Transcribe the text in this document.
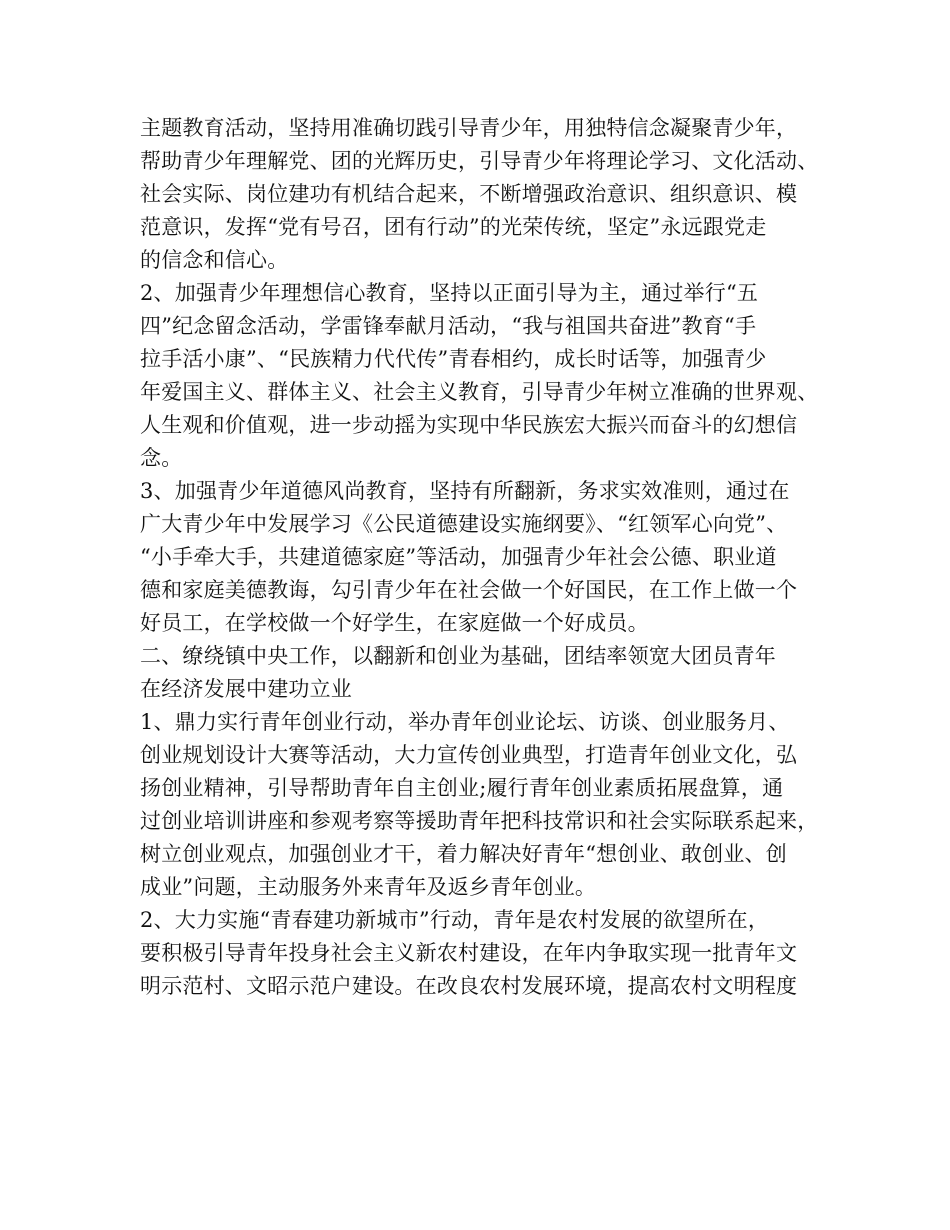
主题教育活动，坚持用准确切践引导青少年，用独特信念凝聚青少年，
帮助青少年理解党、团的光辉历史，引导青少年将理论学习、文化活动、
社会实际、岗位建功有机结合起来，不断增强政治意识、组织意识、模
范意识，发挥“党有号召，团有行动”的光荣传统，坚定”永远跟党走
的信念和信心。
2、加强青少年理想信心教育，坚持以正面引导为主，通过举行“五
四”纪念留念活动，学雷锋奉献月活动，“我与祖国共奋进”教育“手
拉手活小康”、“民族精力代代传”青春相约，成长时话等，加强青少
年爱国主义、群体主义、社会主义教育，引导青少年树立准确的世界观、
人生观和价值观，进一步动摇为实现中华民族宏大振兴而奋斗的幻想信
念。
3、加强青少年道德风尚教育，坚持有所翻新，务求实效准则，通过在
广大青少年中发展学习《公民道德建设实施纲要》、“红领军心向党”、
“小手牵大手，共建道德家庭”等活动，加强青少年社会公德、职业道
德和家庭美德教诲，勾引青少年在社会做一个好国民，在工作上做一个
好员工，在学校做一个好学生，在家庭做一个好成员。
二、缭绕镇中央工作，以翻新和创业为基础，团结率领宽大团员青年
在经济发展中建功立业
1、鼎力实行青年创业行动，举办青年创业论坛、访谈、创业服务月、
创业规划设计大赛等活动，大力宣传创业典型，打造青年创业文化，弘
扬创业精神，引导帮助青年自主创业;履行青年创业素质拓展盘算，通
过创业培训讲座和参观考察等援助青年把科技常识和社会实际联系起来，
树立创业观点，加强创业才干，着力解决好青年“想创业、敢创业、创
成业”问题，主动服务外来青年及返乡青年创业。
2、大力实施“青春建功新城市”行动，青年是农村发展的欲望所在，
要积极引导青年投身社会主义新农村建设，在年内争取实现一批青年文
明示范村、文昭示范户建设。在改良农村发展环境，提高农村文明程度
